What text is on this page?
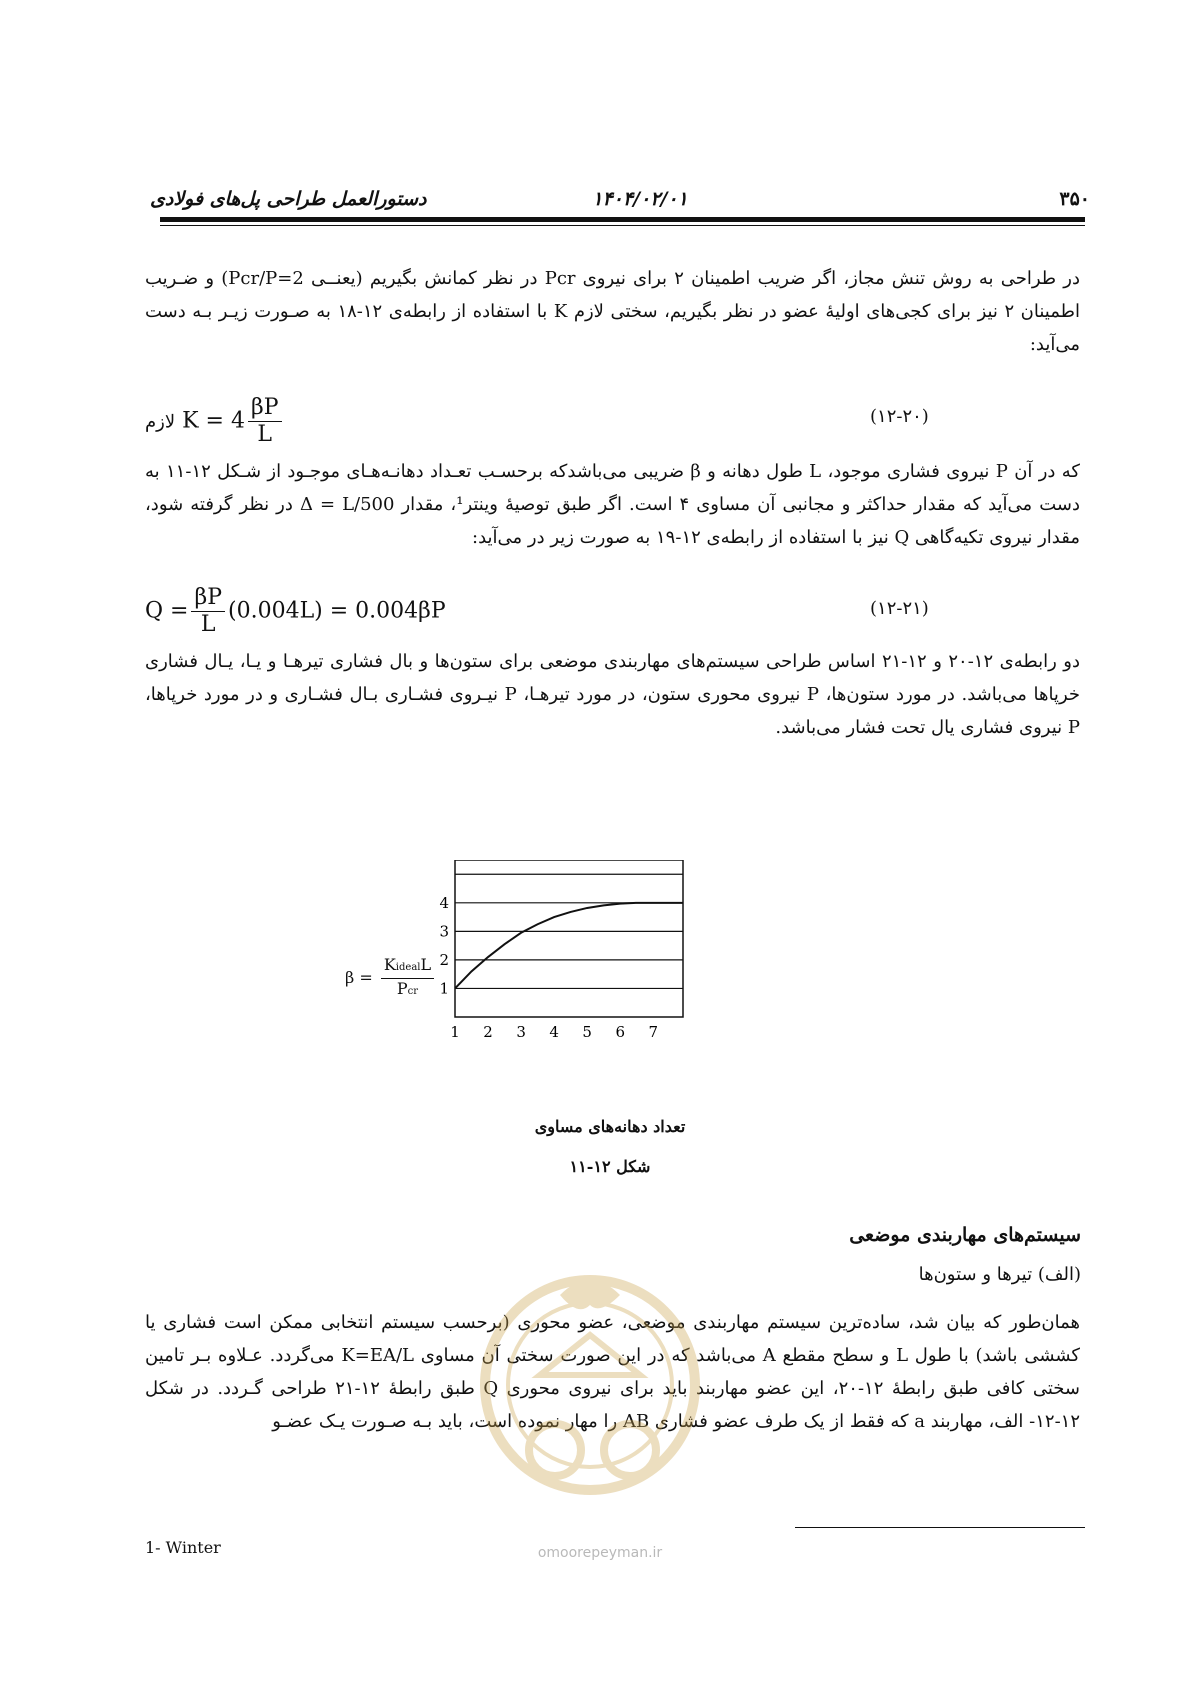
۳۵۰
۱۴۰۴/۰۲/۰۱
دستورالعمل طراحی پل‌های فولادی
در طراحی به روش تنش مجاز، اگر ضریب اطمینان ۲ برای نیروی Pcr در نظر کمانش بگیریم (یعنــی Pcr/P=2) و ضـریب اطمینان ۲ نیز برای کجی‌های اولیهٔ عضو در نظر بگیریم، سختی لازم K با استفاده از رابطه‌ی ۱۲-۱۸ به صـورت زیـر بـه دست می‌آید:
لازم $K = 4 \frac{\beta P}{L}$	(۱۲-۲۰)
که در آن P نیروی فشاری موجود، L طول دهانه و β ضریبی می‌باشدکه برحسـب تعـداد دهانـه‌هـای موجـود از شـکل ۱۲-۱۱ به دست می‌آید که مقدار حداکثر و مجانبی آن مساوی ۴ است. اگر طبق توصیهٔ وینتر¹، مقدار Δ = L/500 در نظر گرفته شود، مقدار نیروی تکیه‌گاهی Q نیز با استفاده از رابطه‌ی ۱۲-۱۹ به صورت زیر در می‌آید:
$Q = \frac{\beta P}{L} (0.004L) = 0.004\beta P$	(۱۲-۲۱)
دو رابطه‌ی ۱۲-۲۰ و ۱۲-۲۱ اساس طراحی سیستم‌های مهاربندی موضعی برای ستون‌ها و بال فشاری تیرهـا و یـا، یـال فشاری خرپاها می‌باشد. در مورد ستون‌ها، P نیروی محوری ستون، در مورد تیرهـا، P نیـروی فشـاری بـال فشـاری و در مورد خرپاها، P نیروی فشاری یال تحت فشار می‌باشد.
$\beta = \frac{\text{KidealL}}{\text{Pcr}} 1$
2
3
4
1 2 3 4 5 6 7
تعداد دهانه‌های مساوی
شکل ۱۲-۱۱
سیستم‌های مهاربندی موضعی
(الف) تیرها و ستون‌ها
همان‌طور که بیان شد، ساده‌ترین سیستم مهاربندی موضعی، عضو محوری (برحسب سیستم انتخابی ممکن است فشاری یا کششی باشد) با طول L و سطح مقطع A می‌باشد که در این صورت سختی آن مساوی K=EA/L می‌گردد. عـلاوه بـر تامین سختی کافی طبق رابطهٔ ۱۲-۲۰، این عضو مهاربند باید برای نیروی محوری Q طبق رابطهٔ ۱۲-۲۱ طراحی گـردد. در شکل ۱۲-۱۲- الف، مهاربند a که فقط از یک طرف عضو فشاری AB را مهار نموده است، باید بـه صـورت یـک عضـو
omoorepeyman.ir
1- Winter
